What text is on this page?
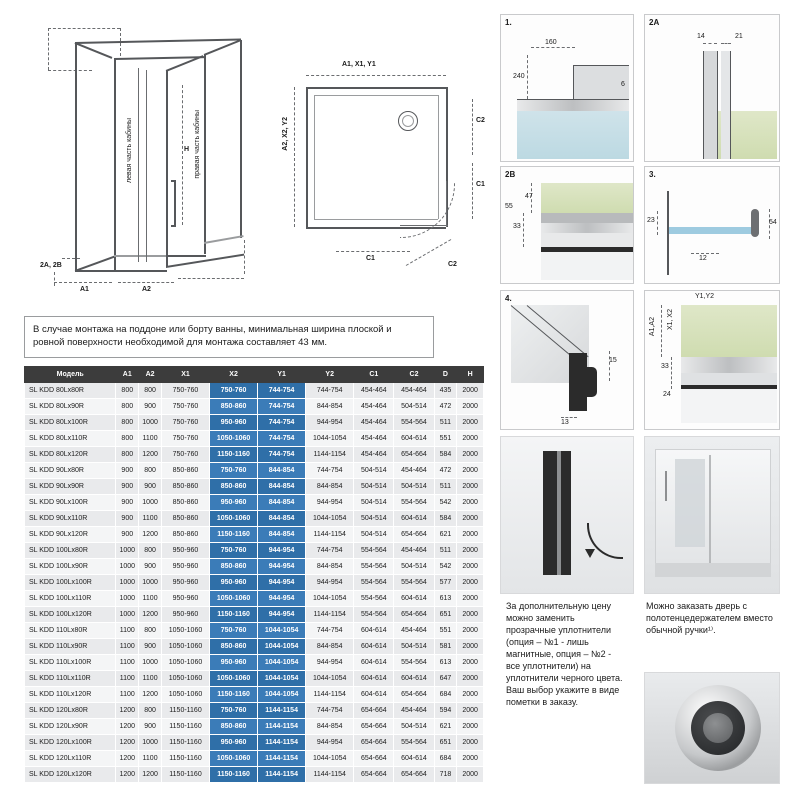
левая часть кабины	правая часть кабины
H
A1	A2
2A, 2B
A1, X1, Y1
A2, X2, Y2
C1
C2
C1
C2
В случае монтажа на поддоне или борту ванны, минимальная ширина плоской и ровной поверхности необходимой для монтажа составляет 43 мм.
Модель	A1	A2	X1	X2	Y1	Y2	C1	C2	D	H
SL KDD 80Lx80R	800	800	750-760	750-760	744-754	744-754	454-464	454-464	435	2000
SL KDD 80Lx90R	800	900	750-760	850-860	744-754	844-854	454-464	504-514	472	2000
SL KDD 80Lx100R	800	1000	750-760	950-960	744-754	944-954	454-464	554-564	511	2000
SL KDD 80Lx110R	800	1100	750-760	1050-1060	744-754	1044-1054	454-464	604-614	551	2000
SL KDD 80Lx120R	800	1200	750-760	1150-1160	744-754	1144-1154	454-464	654-664	584	2000
SL KDD 90Lx80R	900	800	850-860	750-760	844-854	744-754	504-514	454-464	472	2000
SL KDD 90Lx90R	900	900	850-860	850-860	844-854	844-854	504-514	504-514	511	2000
SL KDD 90Lx100R	900	1000	850-860	950-960	844-854	944-954	504-514	554-564	542	2000
SL KDD 90Lx110R	900	1100	850-860	1050-1060	844-854	1044-1054	504-514	604-614	584	2000
SL KDD 90Lx120R	900	1200	850-860	1150-1160	844-854	1144-1154	504-514	654-664	621	2000
SL KDD 100Lx80R	1000	800	950-960	750-760	944-954	744-754	554-564	454-464	511	2000
SL KDD 100Lx90R	1000	900	950-960	850-860	944-954	844-854	554-564	504-514	542	2000
SL KDD 100Lx100R	1000	1000	950-960	950-960	944-954	944-954	554-564	554-564	577	2000
SL KDD 100Lx110R	1000	1100	950-960	1050-1060	944-954	1044-1054	554-564	604-614	613	2000
SL KDD 100Lx120R	1000	1200	950-960	1150-1160	944-954	1144-1154	554-564	654-664	651	2000
SL KDD 110Lx80R	1100	800	1050-1060	750-760	1044-1054	744-754	604-614	454-464	551	2000
SL KDD 110Lx90R	1100	900	1050-1060	850-860	1044-1054	844-854	604-614	504-514	581	2000
SL KDD 110Lx100R	1100	1000	1050-1060	950-960	1044-1054	944-954	604-614	554-564	613	2000
SL KDD 110Lx110R	1100	1100	1050-1060	1050-1060	1044-1054	1044-1054	604-614	604-614	647	2000
SL KDD 110Lx120R	1100	1200	1050-1060	1150-1160	1044-1054	1144-1154	604-614	654-664	684	2000
SL KDD 120Lx80R	1200	800	1150-1160	750-760	1144-1154	744-754	654-664	454-464	594	2000
SL KDD 120Lx90R	1200	900	1150-1160	850-860	1144-1154	844-854	654-664	504-514	621	2000
SL KDD 120Lx100R	1200	1000	1150-1160	950-960	1144-1154	944-954	654-664	554-564	651	2000
SL KDD 120Lx110R	1200	1100	1150-1160	1050-1060	1144-1154	1044-1054	654-664	604-614	684	2000
SL KDD 120Lx120R	1200	1200	1150-1160	1150-1160	1144-1154	1144-1154	654-664	654-664	718	2000
1.
160
240
6
2A
14	21
2B
47
33
55
3.
23
12
54
4.
15
13
A1,A2 X1, X2
Y1,Y2
33
24
За дополнительную цену можно заменить прозрачные уплотнители (опция – №1 - лишь магнитные, опция – №2 - все уплотнители) на уплотнители черного цвета. Ваш выбор укажите в виде пометки в заказу.
Можно заказать дверь с полотенцедержателем вместо обычной ручки¹⁾.
